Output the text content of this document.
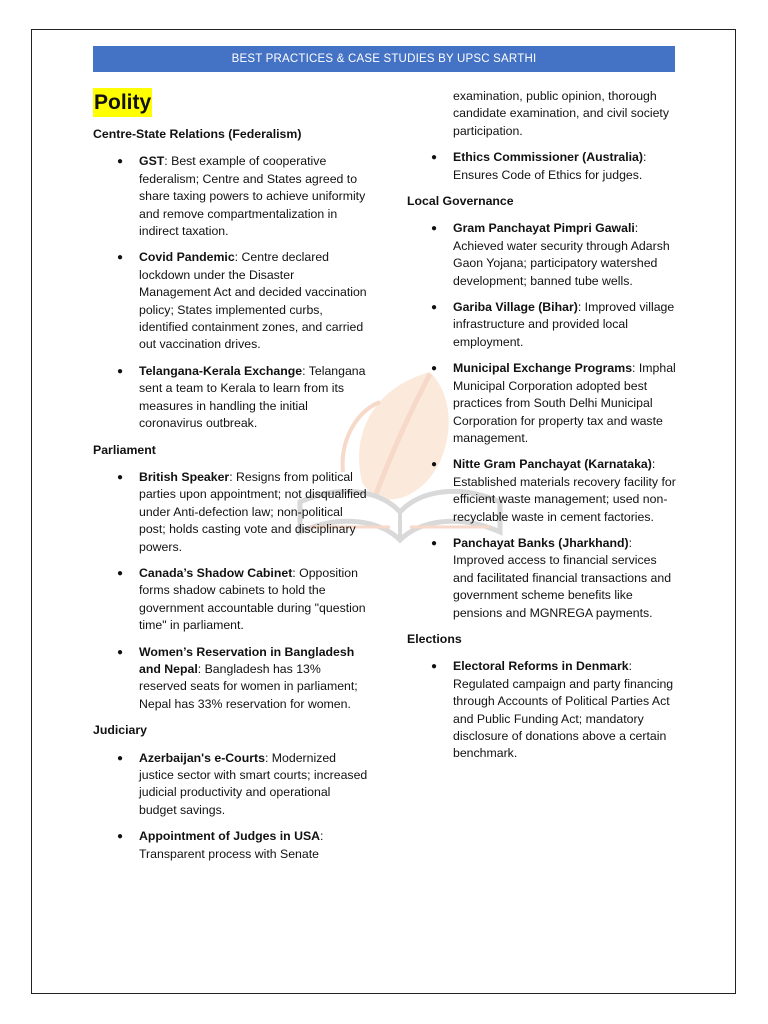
BEST PRACTICES & CASE STUDIES BY UPSC SARTHI
Polity
Centre-State Relations (Federalism)
● GST: Best example of cooperative federalism; Centre and States agreed to share taxing powers to achieve uniformity and remove compartmentalization in indirect taxation.
● Covid Pandemic: Centre declared lockdown under the Disaster Management Act and decided vaccination policy; States implemented curbs, identified containment zones, and carried out vaccination drives.
● Telangana-Kerala Exchange: Telangana sent a team to Kerala to learn from its measures in handling the initial coronavirus outbreak.
Parliament
● British Speaker: Resigns from political parties upon appointment; not disqualified under Anti-defection law; non-political post; holds casting vote and disciplinary powers.
● Canada’s Shadow Cabinet: Opposition forms shadow cabinets to hold the government accountable during "question time" in parliament.
● Women’s Reservation in Bangladesh and Nepal: Bangladesh has 13% reserved seats for women in parliament; Nepal has 33% reservation for women.
Judiciary
● Azerbaijan's e-Courts: Modernized justice sector with smart courts; increased judicial productivity and operational budget savings.
● Appointment of Judges in USA: Transparent process with Senate
examination, public opinion, thorough candidate examination, and civil society participation.
● Ethics Commissioner (Australia): Ensures Code of Ethics for judges.
Local Governance
● Gram Panchayat Pimpri Gawali: Achieved water security through Adarsh Gaon Yojana; participatory watershed development; banned tube wells.
● Gariba Village (Bihar): Improved village infrastructure and provided local employment.
● Municipal Exchange Programs: Imphal Municipal Corporation adopted best practices from South Delhi Municipal Corporation for property tax and waste management.
● Nitte Gram Panchayat (Karnataka): Established materials recovery facility for efficient waste management; used non-recyclable waste in cement factories.
● Panchayat Banks (Jharkhand): Improved access to financial services and facilitated financial transactions and government scheme benefits like pensions and MGNREGA payments.
Elections
● Electoral Reforms in Denmark: Regulated campaign and party financing through Accounts of Political Parties Act and Public Funding Act; mandatory disclosure of donations above a certain benchmark.
